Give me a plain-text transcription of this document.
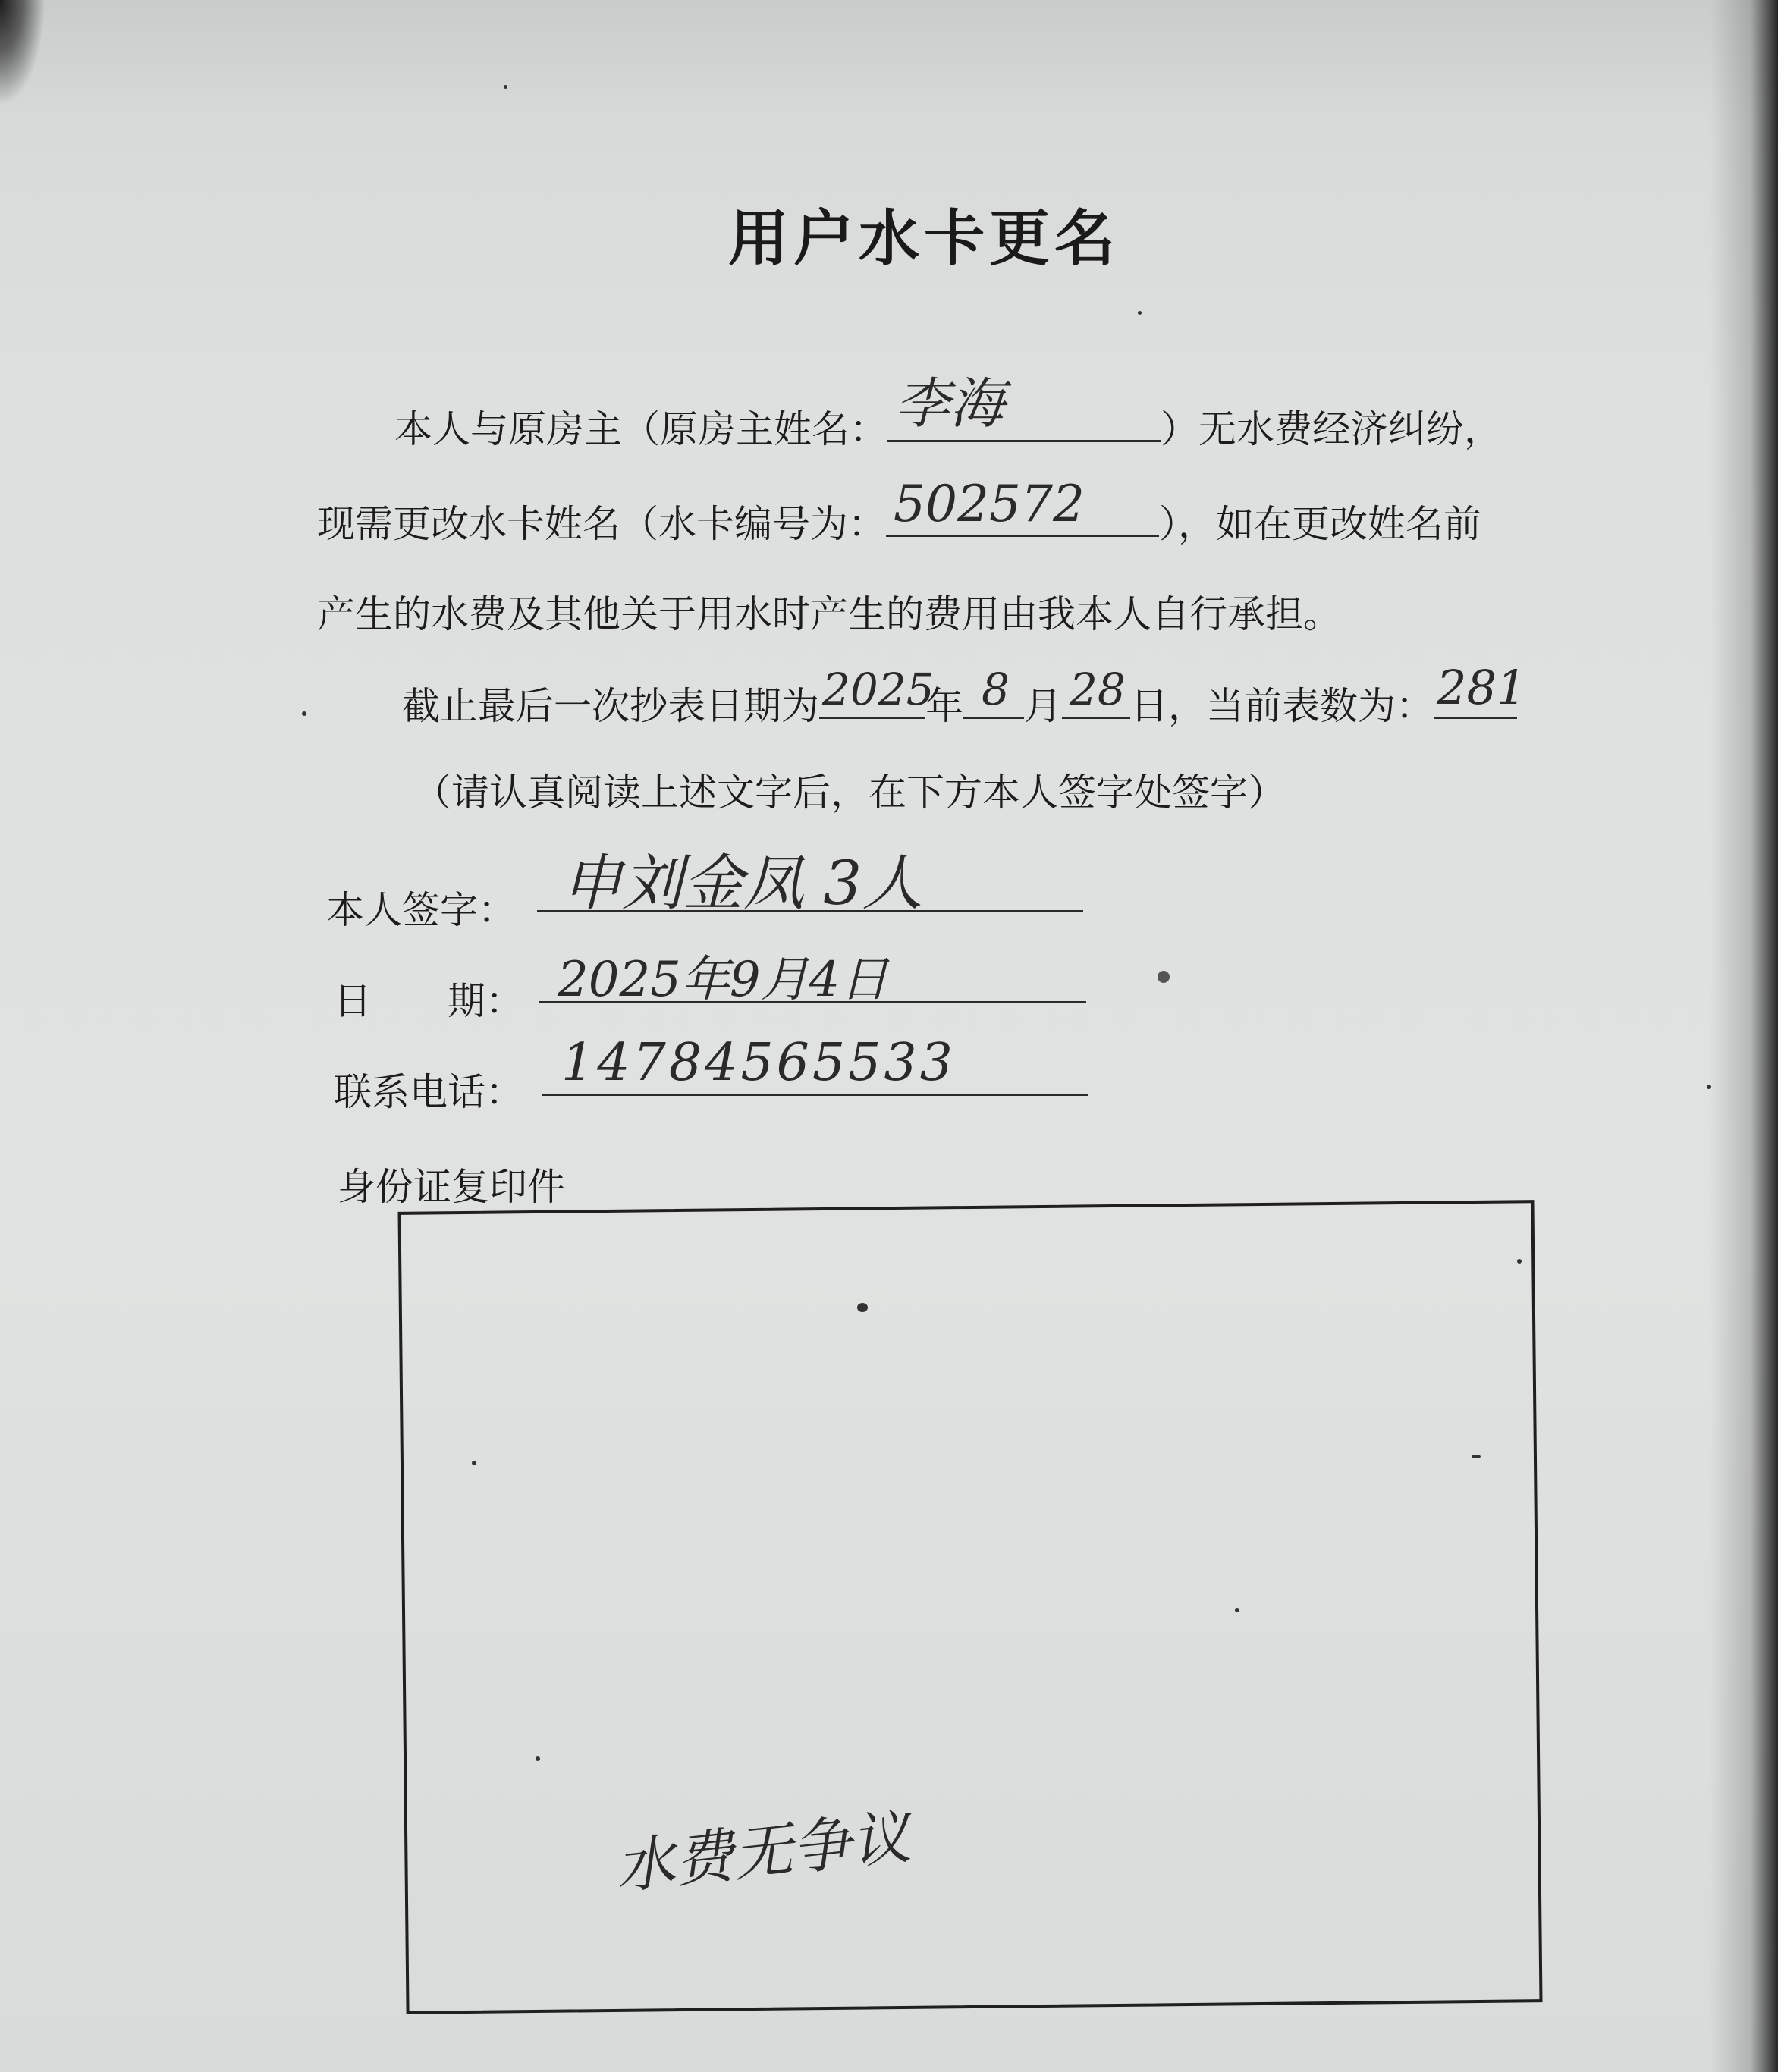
用户水卡更名
本人与原房主（原房主姓名： 李海	）无水费经济纠纷，
现需更改水卡姓名（水卡编号为： 502572 ），如在更改姓名前
产生的水费及其他关于用水时产生的费用由我本人自行承担。
截止最后一次抄表日期为 2025
年 8 月 28 日，当前表数为： 281
（请认真阅读上述文字后，在下方本人签字处签字）
本人签字： 申刘金凤 3人
日　　期： 2025年9月4日
联系电话： 14784565533
身份证复印件
水费无争议
